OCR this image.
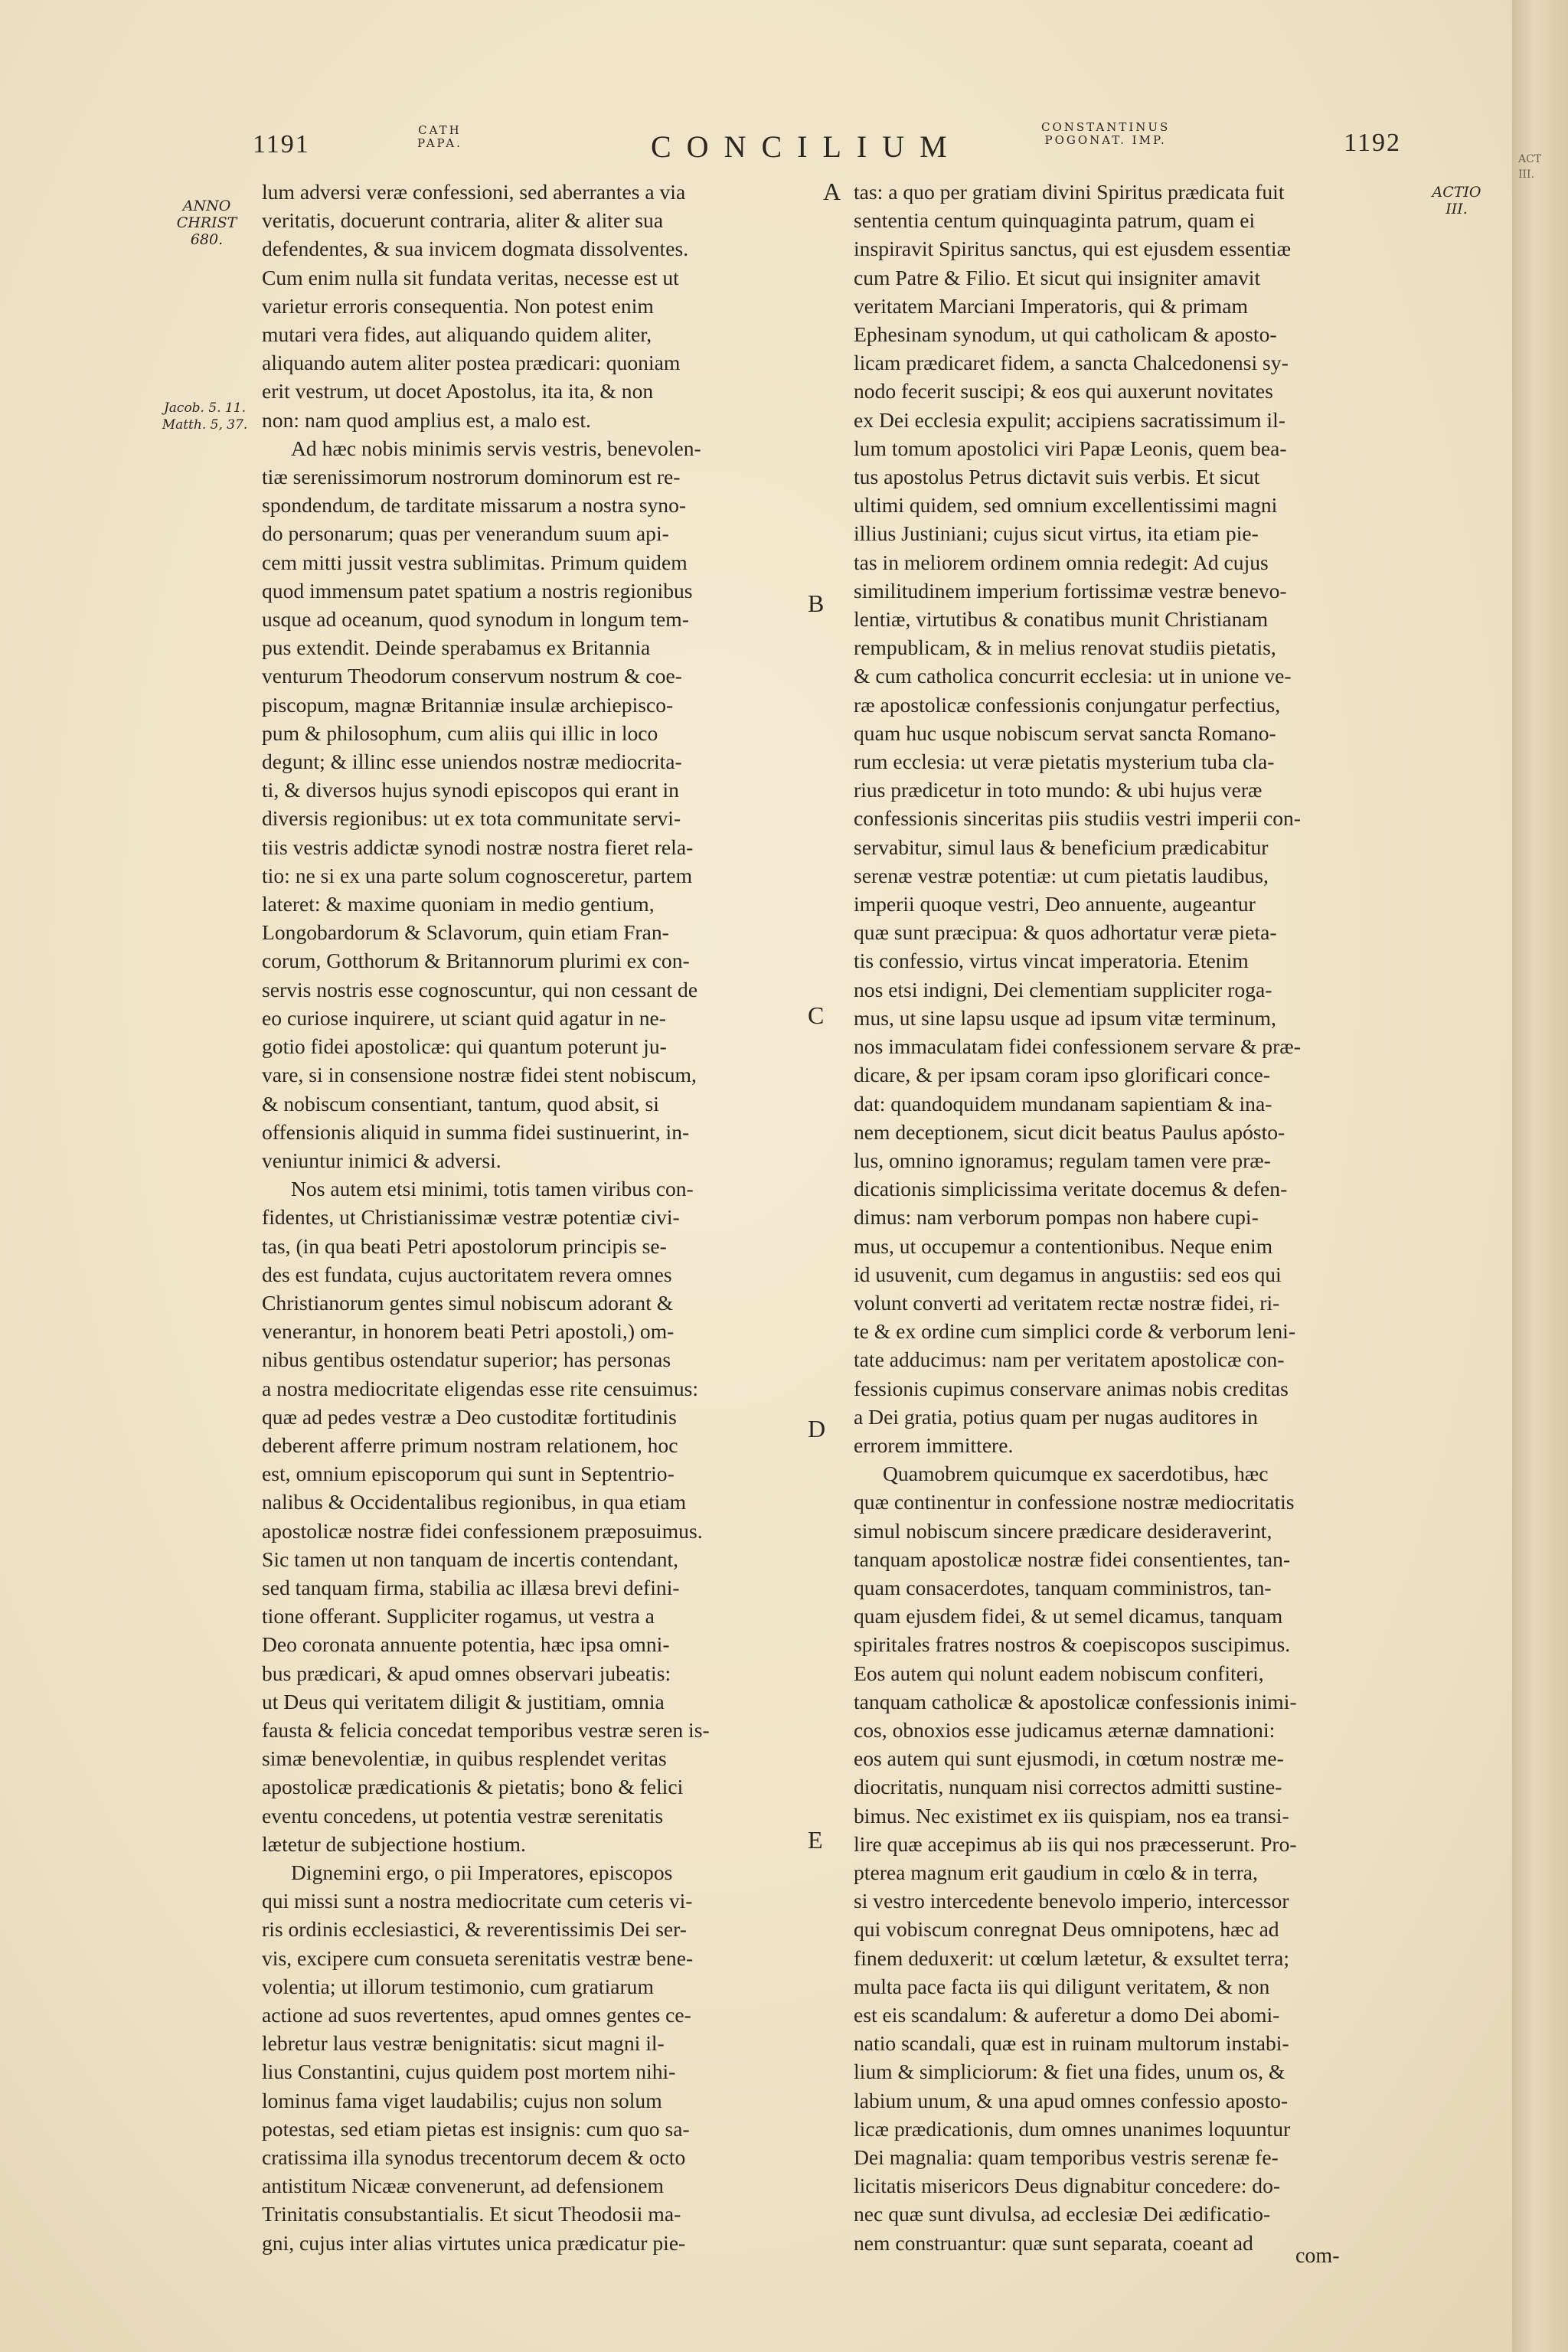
ACT
III.
1191	CATH
PAPA.	CONCILIUM
CONSTANTINUS
POGONAT. IMP.	1192
ANNO
CHRIST
680.
ACTIO
III.
Jacob. 5. 11.
Matth. 5, 37.
A
B
C
D
E
lum adversi veræ confessioni, sed aberrantes a via
veritatis, docuerunt contraria, aliter & aliter sua
defendentes, & sua invicem dogmata dissolventes.
Cum enim nulla sit fundata veritas, necesse est ut
varietur erroris consequentia. Non potest enim
mutari vera fides, aut aliquando quidem aliter,
aliquando autem aliter postea prædicari: quoniam
erit vestrum, ut docet Apostolus, ita ita, & non
non: nam quod amplius est, a malo est.
Ad hæc nobis minimis servis vestris, benevolen-
tiæ serenissimorum nostrorum dominorum est re-
spondendum, de tarditate missarum a nostra syno-
do personarum; quas per venerandum suum api-
cem mitti jussit vestra sublimitas. Primum quidem
quod immensum patet spatium a nostris regionibus
usque ad oceanum, quod synodum in longum tem-
pus extendit. Deinde sperabamus ex Britannia
venturum Theodorum conservum nostrum & coe-
piscopum, magnæ Britanniæ insulæ archiepisco-
pum & philosophum, cum aliis qui illic in loco
degunt; & illinc esse uniendos nostræ mediocrita-
ti, & diversos hujus synodi episcopos qui erant in
diversis regionibus: ut ex tota communitate servi-
tiis vestris addictæ synodi nostræ nostra fieret rela-
tio: ne si ex una parte solum cognosceretur, partem
lateret: & maxime quoniam in medio gentium,
Longobardorum & Sclavorum, quin etiam Fran-
corum, Gotthorum & Britannorum plurimi ex con-
servis nostris esse cognoscuntur, qui non cessant de
eo curiose inquirere, ut sciant quid agatur in ne-
gotio fidei apostolicæ: qui quantum poterunt ju-
vare, si in consensione nostræ fidei stent nobiscum,
& nobiscum consentiant, tantum, quod absit, si
offensionis aliquid in summa fidei sustinuerint, in-
veniuntur inimici & adversi.
Nos autem etsi minimi, totis tamen viribus con-
fidentes, ut Christianissimæ vestræ potentiæ civi-
tas, (in qua beati Petri apostolorum principis se-
des est fundata, cujus auctoritatem revera omnes
Christianorum gentes simul nobiscum adorant &
venerantur, in honorem beati Petri apostoli,) om-
nibus gentibus ostendatur superior; has personas
a nostra mediocritate eligendas esse rite censuimus:
quæ ad pedes vestræ a Deo custoditæ fortitudinis
deberent afferre primum nostram relationem, hoc
est, omnium episcoporum qui sunt in Septentrio-
nalibus & Occidentalibus regionibus, in qua etiam
apostolicæ nostræ fidei confessionem præposuimus.
Sic tamen ut non tanquam de incertis contendant,
sed tanquam firma, stabilia ac illæsa brevi defini-
tione offerant. Suppliciter rogamus, ut vestra a
Deo coronata annuente potentia, hæc ipsa omni-
bus prædicari, & apud omnes observari jubeatis:
ut Deus qui veritatem diligit & justitiam, omnia
fausta & felicia concedat temporibus vestræ seren is-
simæ benevolentiæ, in quibus resplendet veritas
apostolicæ prædicationis & pietatis; bono & felici
eventu concedens, ut potentia vestræ serenitatis
lætetur de subjectione hostium.
Dignemini ergo, o pii Imperatores, episcopos
qui missi sunt a nostra mediocritate cum ceteris vi-
ris ordinis ecclesiastici, & reverentissimis Dei ser-
vis, excipere cum consueta serenitatis vestræ bene-
volentia; ut illorum testimonio, cum gratiarum
actione ad suos revertentes, apud omnes gentes ce-
lebretur laus vestræ benignitatis: sicut magni il-
lius Constantini, cujus quidem post mortem nihi-
lominus fama viget laudabilis; cujus non solum
potestas, sed etiam pietas est insignis: cum quo sa-
cratissima illa synodus trecentorum decem & octo
antistitum Nicææ convenerunt, ad defensionem
Trinitatis consubstantialis. Et sicut Theodosii ma-
gni, cujus inter alias virtutes unica prædicatur pie-
tas: a quo per gratiam divini Spiritus prædicata fuit
sententia centum quinquaginta patrum, quam ei
inspiravit Spiritus sanctus, qui est ejusdem essentiæ
cum Patre & Filio. Et sicut qui insigniter amavit
veritatem Marciani Imperatoris, qui & primam
Ephesinam synodum, ut qui catholicam & aposto-
licam prædicaret fidem, a sancta Chalcedonensi sy-
nodo fecerit suscipi; & eos qui auxerunt novitates
ex Dei ecclesia expulit; accipiens sacratissimum il-
lum tomum apostolici viri Papæ Leonis, quem bea-
tus apostolus Petrus dictavit suis verbis. Et sicut
ultimi quidem, sed omnium excellentissimi magni
illius Justiniani; cujus sicut virtus, ita etiam pie-
tas in meliorem ordinem omnia redegit: Ad cujus
similitudinem imperium fortissimæ vestræ benevo-
lentiæ, virtutibus & conatibus munit Christianam
rempublicam, & in melius renovat studiis pietatis,
& cum catholica concurrit ecclesia: ut in unione ve-
ræ apostolicæ confessionis conjungatur perfectius,
quam huc usque nobiscum servat sancta Romano-
rum ecclesia: ut veræ pietatis mysterium tuba cla-
rius prædicetur in toto mundo: & ubi hujus veræ
confessionis sinceritas piis studiis vestri imperii con-
servabitur, simul laus & beneficium prædicabitur
serenæ vestræ potentiæ: ut cum pietatis laudibus,
imperii quoque vestri, Deo annuente, augeantur
quæ sunt præcipua: & quos adhortatur veræ pieta-
tis confessio, virtus vincat imperatoria. Etenim
nos etsi indigni, Dei clementiam suppliciter roga-
mus, ut sine lapsu usque ad ipsum vitæ terminum,
nos immaculatam fidei confessionem servare & præ-
dicare, & per ipsam coram ipso glorificari conce-
dat: quandoquidem mundanam sapientiam & ina-
nem deceptionem, sicut dicit beatus Paulus apósto-
lus, omnino ignoramus; regulam tamen vere præ-
dicationis simplicissima veritate docemus & defen-
dimus: nam verborum pompas non habere cupi-
mus, ut occupemur a contentionibus. Neque enim
id usuvenit, cum degamus in angustiis: sed eos qui
volunt converti ad veritatem rectæ nostræ fidei, ri-
te & ex ordine cum simplici corde & verborum leni-
tate adducimus: nam per veritatem apostolicæ con-
fessionis cupimus conservare animas nobis creditas
a Dei gratia, potius quam per nugas auditores in
errorem immittere.
Quamobrem quicumque ex sacerdotibus, hæc
quæ continentur in confessione nostræ mediocritatis
simul nobiscum sincere prædicare desideraverint,
tanquam apostolicæ nostræ fidei consentientes, tan-
quam consacerdotes, tanquam comministros, tan-
quam ejusdem fidei, & ut semel dicamus, tanquam
spiritales fratres nostros & coepiscopos suscipimus.
Eos autem qui nolunt eadem nobiscum confiteri,
tanquam catholicæ & apostolicæ confessionis inimi-
cos, obnoxios esse judicamus æternæ damnationi:
eos autem qui sunt ejusmodi, in cœtum nostræ me-
diocritatis, nunquam nisi correctos admitti sustine-
bimus. Nec existimet ex iis quispiam, nos ea transi-
lire quæ accepimus ab iis qui nos præcesserunt. Pro-
pterea magnum erit gaudium in cœlo & in terra,
si vestro intercedente benevolo imperio, intercessor
qui vobiscum conregnat Deus omnipotens, hæc ad
finem deduxerit: ut cœlum lætetur, & exsultet terra;
multa pace facta iis qui diligunt veritatem, & non
est eis scandalum: & auferetur a domo Dei abomi-
natio scandali, quæ est in ruinam multorum instabi-
lium & simpliciorum: & fiet una fides, unum os, &
labium unum, & una apud omnes confessio aposto-
licæ prædicationis, dum omnes unanimes loquuntur
Dei magnalia: quam temporibus vestris serenæ fe-
licitatis misericors Deus dignabitur concedere: do-
nec quæ sunt divulsa, ad ecclesiæ Dei ædificatio-
nem construantur: quæ sunt separata, coeant ad
com-
